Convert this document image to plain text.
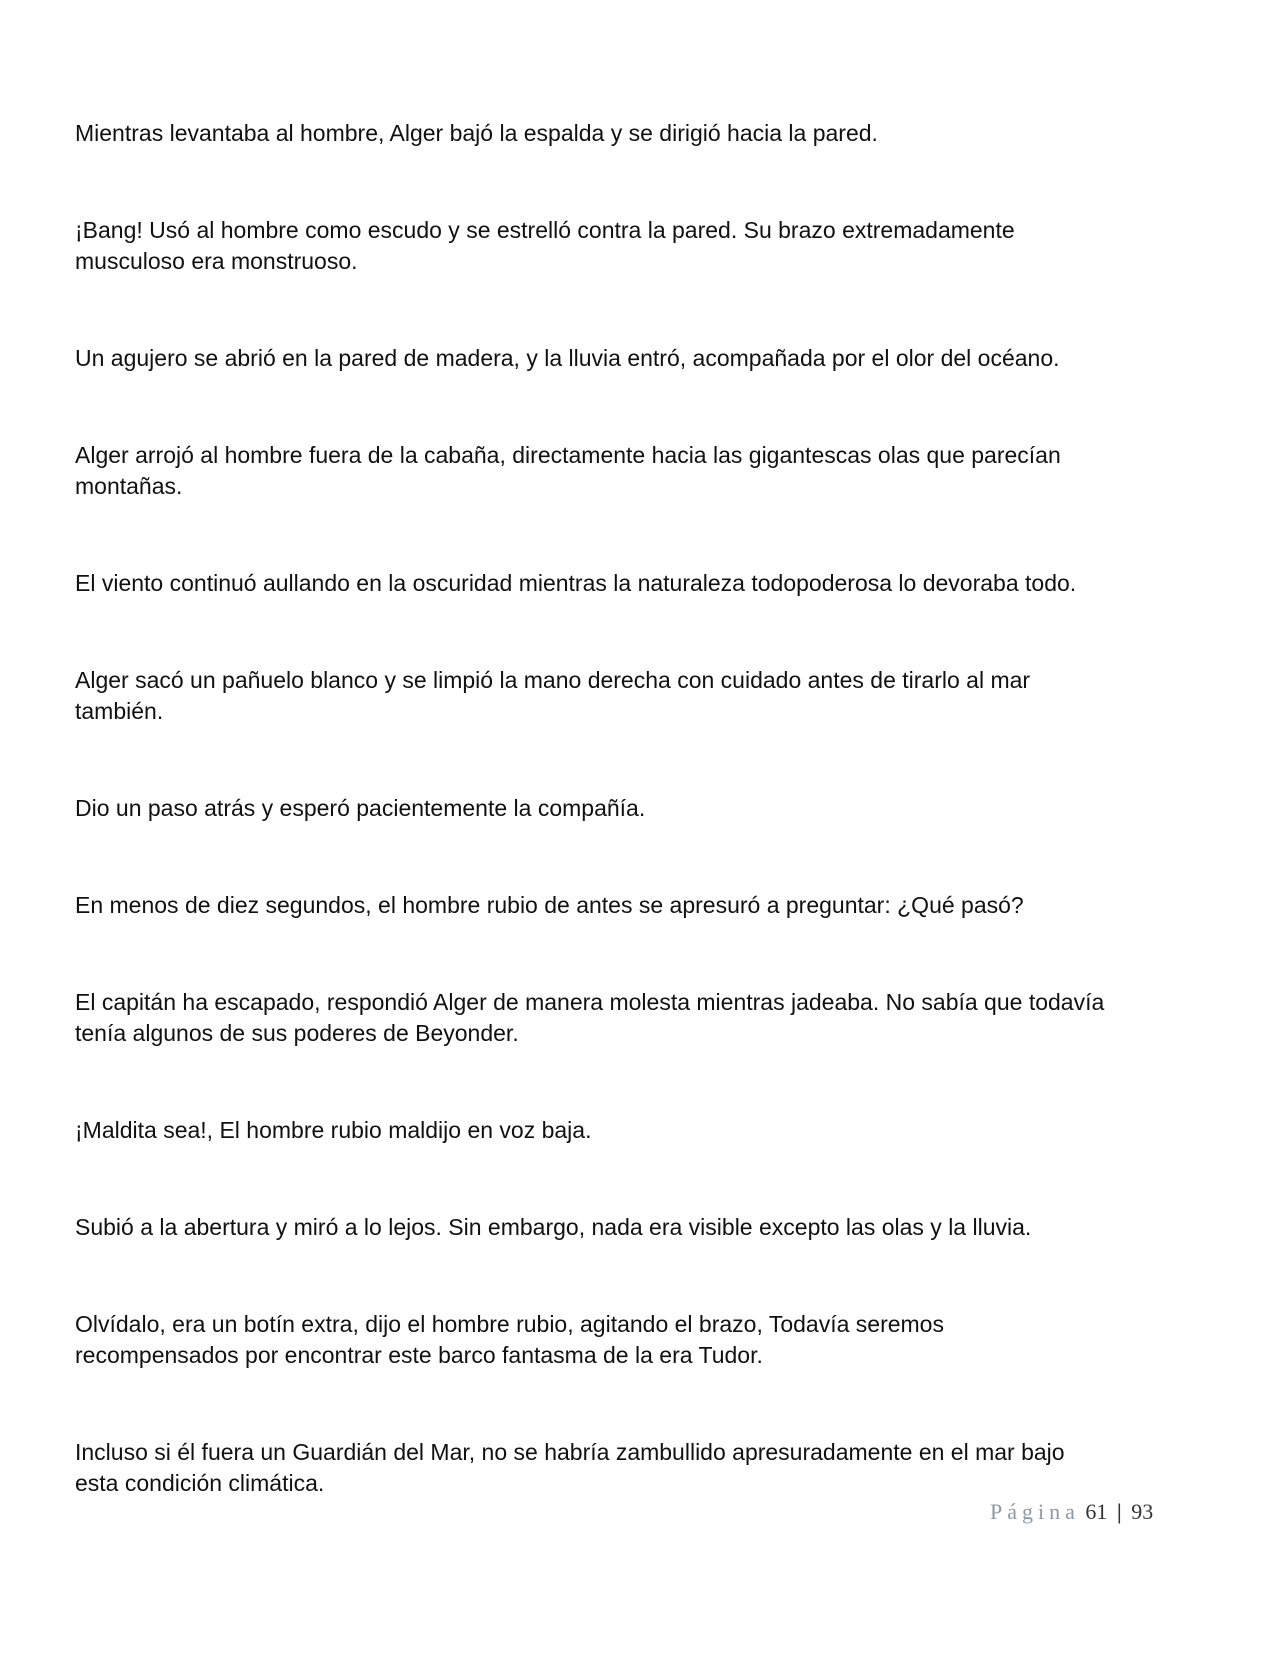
Mientras levantaba al hombre, Alger bajó la espalda y se dirigió hacia la pared.

¡Bang! Usó al hombre como escudo y se estrelló contra la pared. Su brazo extremadamente
musculoso era monstruoso.

Un agujero se abrió en la pared de madera, y la lluvia entró, acompañada por el olor del océano.

Alger arrojó al hombre fuera de la cabaña, directamente hacia las gigantescas olas que parecían
montañas.

El viento continuó aullando en la oscuridad mientras la naturaleza todopoderosa lo devoraba todo.

Alger sacó un pañuelo blanco y se limpió la mano derecha con cuidado antes de tirarlo al mar
también.

Dio un paso atrás y esperó pacientemente la compañía.

En menos de diez segundos, el hombre rubio de antes se apresuró a preguntar: ¿Qué pasó?

El capitán ha escapado, respondió Alger de manera molesta mientras jadeaba. No sabía que todavía
tenía algunos de sus poderes de Beyonder.

¡Maldita sea!, El hombre rubio maldijo en voz baja.

Subió a la abertura y miró a lo lejos. Sin embargo, nada era visible excepto las olas y la lluvia.

Olvídalo, era un botín extra, dijo el hombre rubio, agitando el brazo, Todavía seremos
recompensados por encontrar este barco fantasma de la era Tudor.

Incluso si él fuera un Guardián del Mar, no se habría zambullido apresuradamente en el mar bajo
esta condición climática.

Página 61 | 93
